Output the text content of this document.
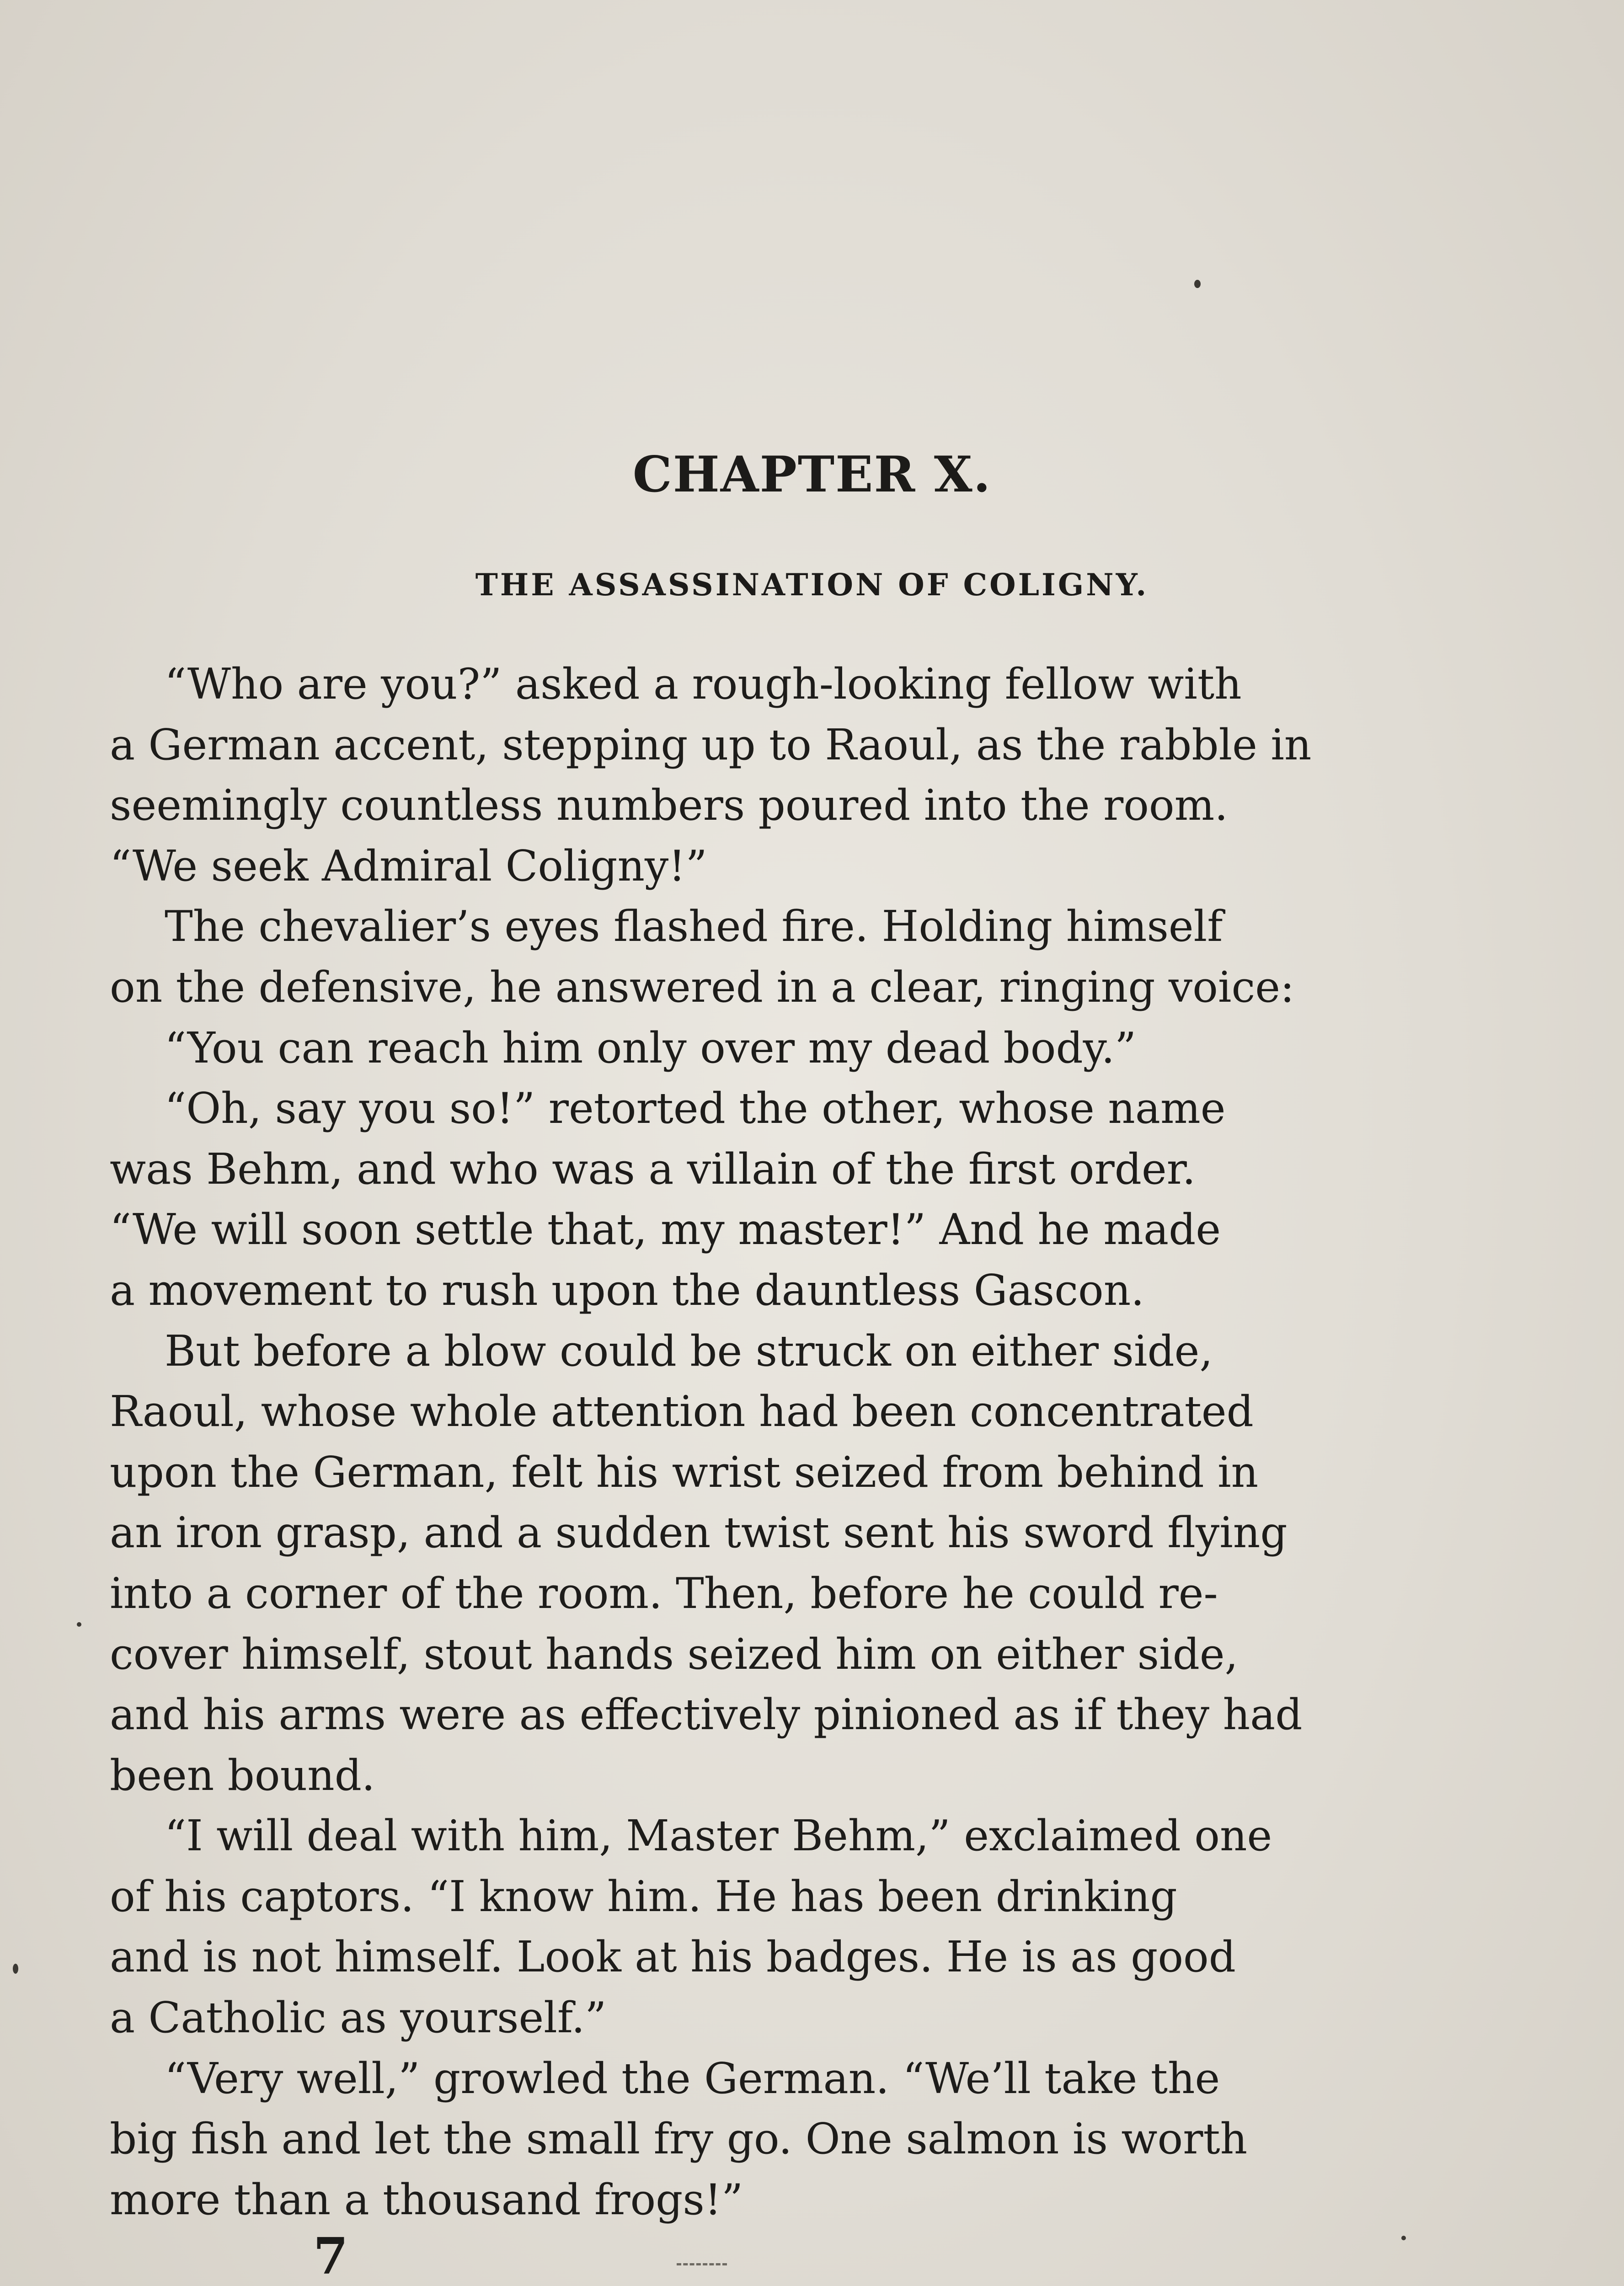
CHAPTER X.
THE ASSASSINATION OF COLIGNY.

“Who are you?” asked a rough-looking fellow with
a German accent, stepping up to Raoul, as the rabble in
seemingly countless numbers poured into the room.
“We seek Admiral Coligny!”

The chevalier’s eyes flashed fire. Holding himself
on the defensive, he answered in a clear, ringing voice:

“You can reach him only over my dead body.”

“Oh, say you so!” retorted the other, whose name
was Behm, and who was a villain of the first order.
“We will soon settle that, my master!” And he made
a movement to rush upon the dauntless Gascon.

But before a blow could be struck on either side,
Raoul, whose whole attention had been concentrated
upon the German, felt his wrist seized from behind in
an iron grasp, and a sudden twist sent his sword flying
into a corner of the room. Then, before he could re-
cover himself, stout hands seized him on either side,
and his arms were as effectively pinioned as if they had
been bound.

“I will deal with him, Master Behm,” exclaimed one
of his captors. “I know him. He has been drinking
and is not himself. Look at his badges. He is as good
a Catholic as yourself.”

“Very well,” growled the German. “We’ll take the
big fish and let the small fry go. One salmon is worth
more than a thousand frogs!”

7
